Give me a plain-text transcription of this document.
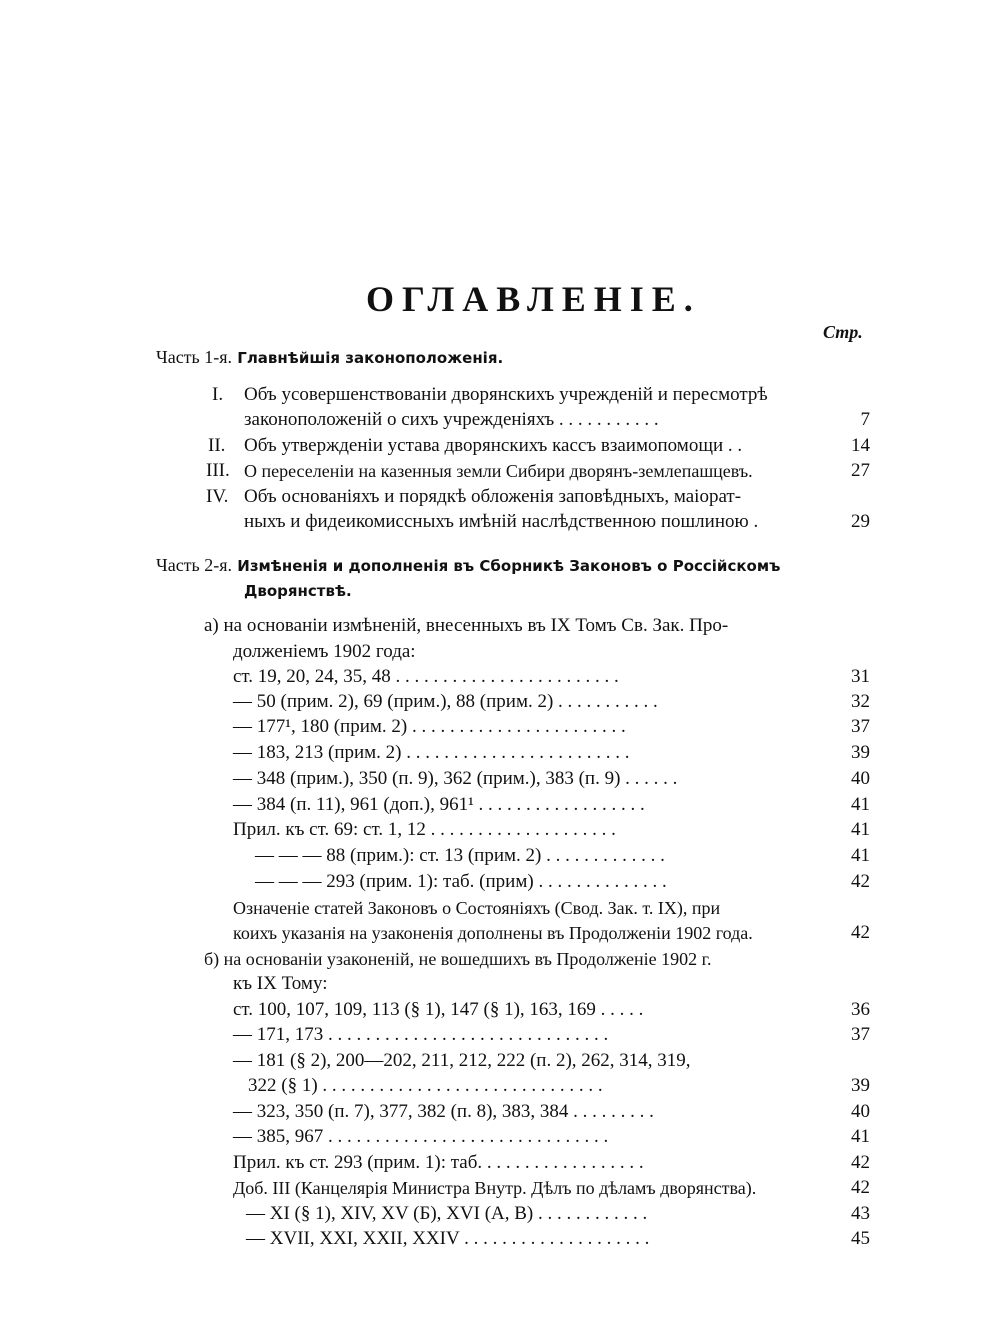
ОГЛАВЛЕНІЕ.
Стр.
Часть 1-я. Главнѣйшія законоположенія.
I. Объ усовершенствованіи дворянскихъ учрежденій и пересмотрѣ
законоположеній о сихъ учрежденіяхъ . . . . . . . . . . .	7
II. Объ утвержденіи устава дворянскихъ кассъ взаимопомощи . .	14
III. О переселеніи на казенныя земли Сибири дворянъ-землепашцевъ.	27
IV. Объ основаніяхъ и порядкѣ обложенія заповѣдныхъ, маіорат-
ныхъ и фидеикомиссныхъ имѣній наслѣдственною пошлиною .	29
Часть 2-я. Измѣненія и дополненія въ Сборникѣ Законовъ о Россійскомъ
Дворянствѣ.
а) на основаніи измѣненій, внесенныхъ въ IX Томъ Св. Зак. Про-
долженіемъ 1902 года:
ст. 19, 20, 24, 35, 48 . . . . . . . . . . . . . . . . . . . . . . . .	31
— 50 (прим. 2), 69 (прим.), 88 (прим. 2) . . . . . . . . . . .	32
— 177¹, 180 (прим. 2) . . . . . . . . . . . . . . . . . . . . . . .	37
— 183, 213 (прим. 2) . . . . . . . . . . . . . . . . . . . . . . . .	39
— 348 (прим.), 350 (п. 9), 362 (прим.), 383 (п. 9) . . . . . .	40
— 384 (п. 11), 961 (доп.), 961¹ . . . . . . . . . . . . . . . . . .	41
Прил. къ ст. 69: ст. 1, 12 . . . . . . . . . . . . . . . . . . . .	41
— — — 88 (прим.): ст. 13 (прим. 2) . . . . . . . . . . . . .	41
— — — 293 (прим. 1): таб. (прим) . . . . . . . . . . . . . .	42
Означеніе статей Законовъ о Состояніяхъ (Свод. Зак. т. IX), при
коихъ указанія на узаконенія дополнены въ Продолженіи 1902 года.	42
б) на основаніи узаконеній, не вошедшихъ въ Продолженіе 1902 г.
къ IX Тому:
ст. 100, 107, 109, 113 (§ 1), 147 (§ 1), 163, 169 . . . . .	36
— 171, 173 . . . . . . . . . . . . . . . . . . . . . . . . . . . . . .	37
— 181 (§ 2), 200—202, 211, 212, 222 (п. 2), 262, 314, 319,
322 (§ 1) . . . . . . . . . . . . . . . . . . . . . . . . . . . . . .	39
— 323, 350 (п. 7), 377, 382 (п. 8), 383, 384 . . . . . . . . .	40
— 385, 967 . . . . . . . . . . . . . . . . . . . . . . . . . . . . . .	41
Прил. къ ст. 293 (прим. 1): таб. . . . . . . . . . . . . . . . . .	42
Доб. III (Канцелярія Министра Внутр. Дѣлъ по дѣламъ дворянства).	42
— XI (§ 1), XIV, XV (Б), XVI (А, В) . . . . . . . . . . . .	43
— XVII, XXI, XXII, XXIV . . . . . . . . . . . . . . . . . . . .	45
